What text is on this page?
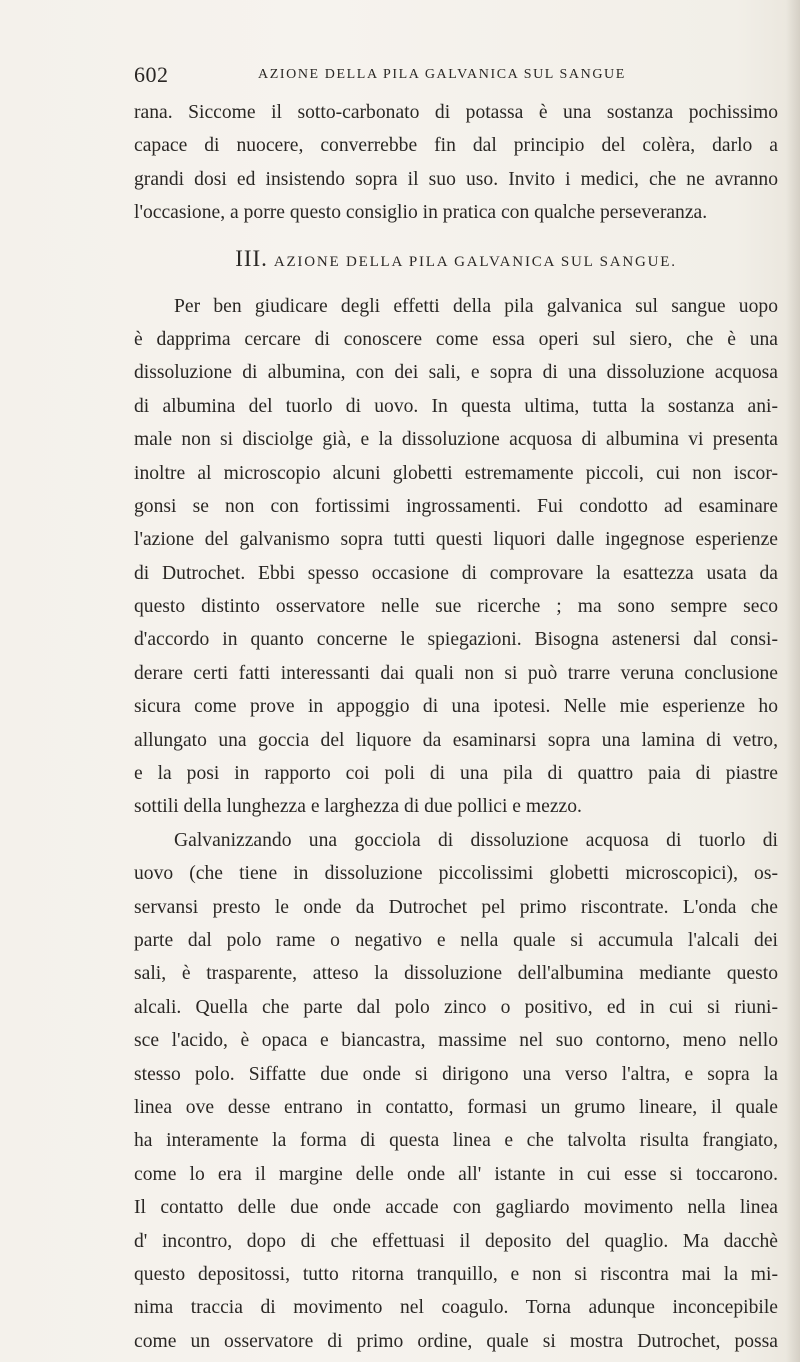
602	AZIONE DELLA PILA GALVANICA SUL SANGUE
rana. Siccome il sotto-carbonato di potassa è una sostanza pochissimo
capace di nuocere, converrebbe fin dal principio del colèra, darlo a
grandi dosi ed insistendo sopra il suo uso. Invito i medici, che ne avranno
l'occasione, a porre questo consiglio in pratica con qualche perseveranza.
III. AZIONE DELLA PILA GALVANICA SUL SANGUE.
Per ben giudicare degli effetti della pila galvanica sul sangue uopo
è dapprima cercare di conoscere come essa operi sul siero, che è una
dissoluzione di albumina, con dei sali, e sopra di una dissoluzione acquosa
di albumina del tuorlo di uovo. In questa ultima, tutta la sostanza ani-
male non si disciolge già, e la dissoluzione acquosa di albumina vi presenta
inoltre al microscopio alcuni globetti estremamente piccoli, cui non iscor-
gonsi se non con fortissimi ingrossamenti. Fui condotto ad esaminare
l'azione del galvanismo sopra tutti questi liquori dalle ingegnose esperienze
di Dutrochet. Ebbi spesso occasione di comprovare la esattezza usata da
questo distinto osservatore nelle sue ricerche ; ma sono sempre seco
d'accordo in quanto concerne le spiegazioni. Bisogna astenersi dal consi-
derare certi fatti interessanti dai quali non si può trarre veruna conclusione
sicura come prove in appoggio di una ipotesi. Nelle mie esperienze ho
allungato una goccia del liquore da esaminarsi sopra una lamina di vetro,
e la posi in rapporto coi poli di una pila di quattro paia di piastre
sottili della lunghezza e larghezza di due pollici e mezzo.
Galvanizzando una gocciola di dissoluzione acquosa di tuorlo di
uovo (che tiene in dissoluzione piccolissimi globetti microscopici), os-
servansi presto le onde da Dutrochet pel primo riscontrate. L'onda che
parte dal polo rame o negativo e nella quale si accumula l'alcali dei
sali, è trasparente, atteso la dissoluzione dell'albumina mediante questo
alcali. Quella che parte dal polo zinco o positivo, ed in cui si riuni-
sce l'acido, è opaca e biancastra, massime nel suo contorno, meno nello
stesso polo. Siffatte due onde si dirigono una verso l'altra, e sopra la
linea ove desse entrano in contatto, formasi un grumo lineare, il quale
ha interamente la forma di questa linea e che talvolta risulta frangiato,
come lo era il margine delle onde all' istante in cui esse si toccarono.
Il contatto delle due onde accade con gagliardo movimento nella linea
d' incontro, dopo di che effettuasi il deposito del quaglio. Ma dacchè
questo depositossi, tutto ritorna tranquillo, e non si riscontra mai la mi-
nima traccia di movimento nel coagulo. Torna adunque inconcepibile
come un osservatore di primo ordine, quale si mostra Dutrochet, possa
